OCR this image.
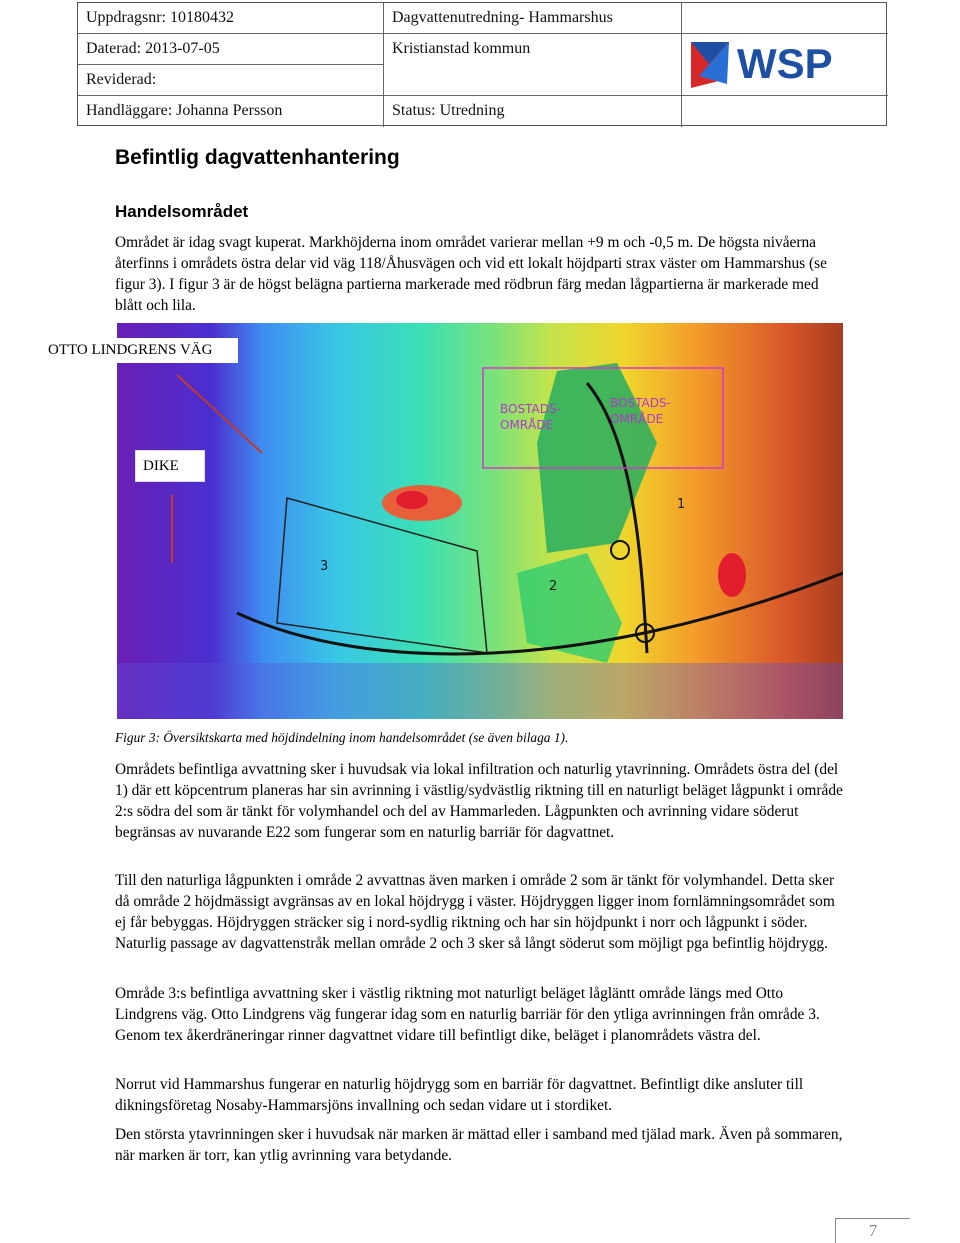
Uppdragsnr: 10180432
Daterad: 2013-07-05
Reviderad:
Handläggare: Johanna Persson
Dagvattenutredning- Hammarshus
Kristianstad kommun
Status: Utredning
WSP
Befintlig dagvattenhantering
Handelsområdet

Området är idag svagt kuperat. Markhöjderna inom området varierar mellan +9 m och -0,5 m. De högsta nivåerna återfinns i områdets östra delar vid väg 118/Åhusvägen och vid ett lokalt höjdparti strax väster om Hammarshus (se figur 3). I figur 3 är de högst belägna partierna markerade med rödbrun färg medan lågpartierna är markerade med blått och lila.

BOSTADS-
OMRÅDE
BOSTADS-
OMRÅDE
1
2
3
OTTO LINDGRENS VÄG
DIKE
Figur 3: Översiktskarta med höjdindelning inom handelsområdet (se även bilaga 1).

Områdets befintliga avvattning sker i huvudsak via lokal infiltration och naturlig ytavrinning. Områdets östra del (del 1) där ett köpcentrum planeras har sin avrinning i västlig/sydvästlig riktning till en naturligt beläget lågpunkt i område 2:s södra del som är tänkt för volymhandel och del av Hammarleden. Lågpunkten och avrinning vidare söderut begränsas av nuvarande E22 som fungerar som en naturlig barriär för dagvattnet.

Till den naturliga lågpunkten i område 2 avvattnas även marken i område 2 som är tänkt för volymhandel. Detta sker då område 2 höjdmässigt avgränsas av en lokal höjdrygg i väster. Höjdryggen ligger inom fornlämningsområdet som ej får bebyggas. Höjdryggen sträcker sig i nord-sydlig riktning och har sin höjdpunkt i norr och lågpunkt i söder. Naturlig passage av dagvattenstråk mellan område 2 och 3 sker så långt söderut som möjligt pga befintlig höjdrygg.

Område 3:s befintliga avvattning sker i västlig riktning mot naturligt beläget lågläntt område längs med Otto Lindgrens väg. Otto Lindgrens väg fungerar idag som en naturlig barriär för den ytliga avrinningen från område 3. Genom tex åkerdräneringar rinner dagvattnet vidare till befintligt dike, beläget i planområdets västra del.

Norrut vid Hammarshus fungerar en naturlig höjdrygg som en barriär för dagvattnet. Befintligt dike ansluter till dikningsföretag Nosaby-Hammarsjöns invallning och sedan vidare ut i stordiket.

Den största ytavrinningen sker i huvudsak när marken är mättad eller i samband med tjälad mark. Även på sommaren, när marken är torr, kan ytlig avrinning vara betydande.

7
